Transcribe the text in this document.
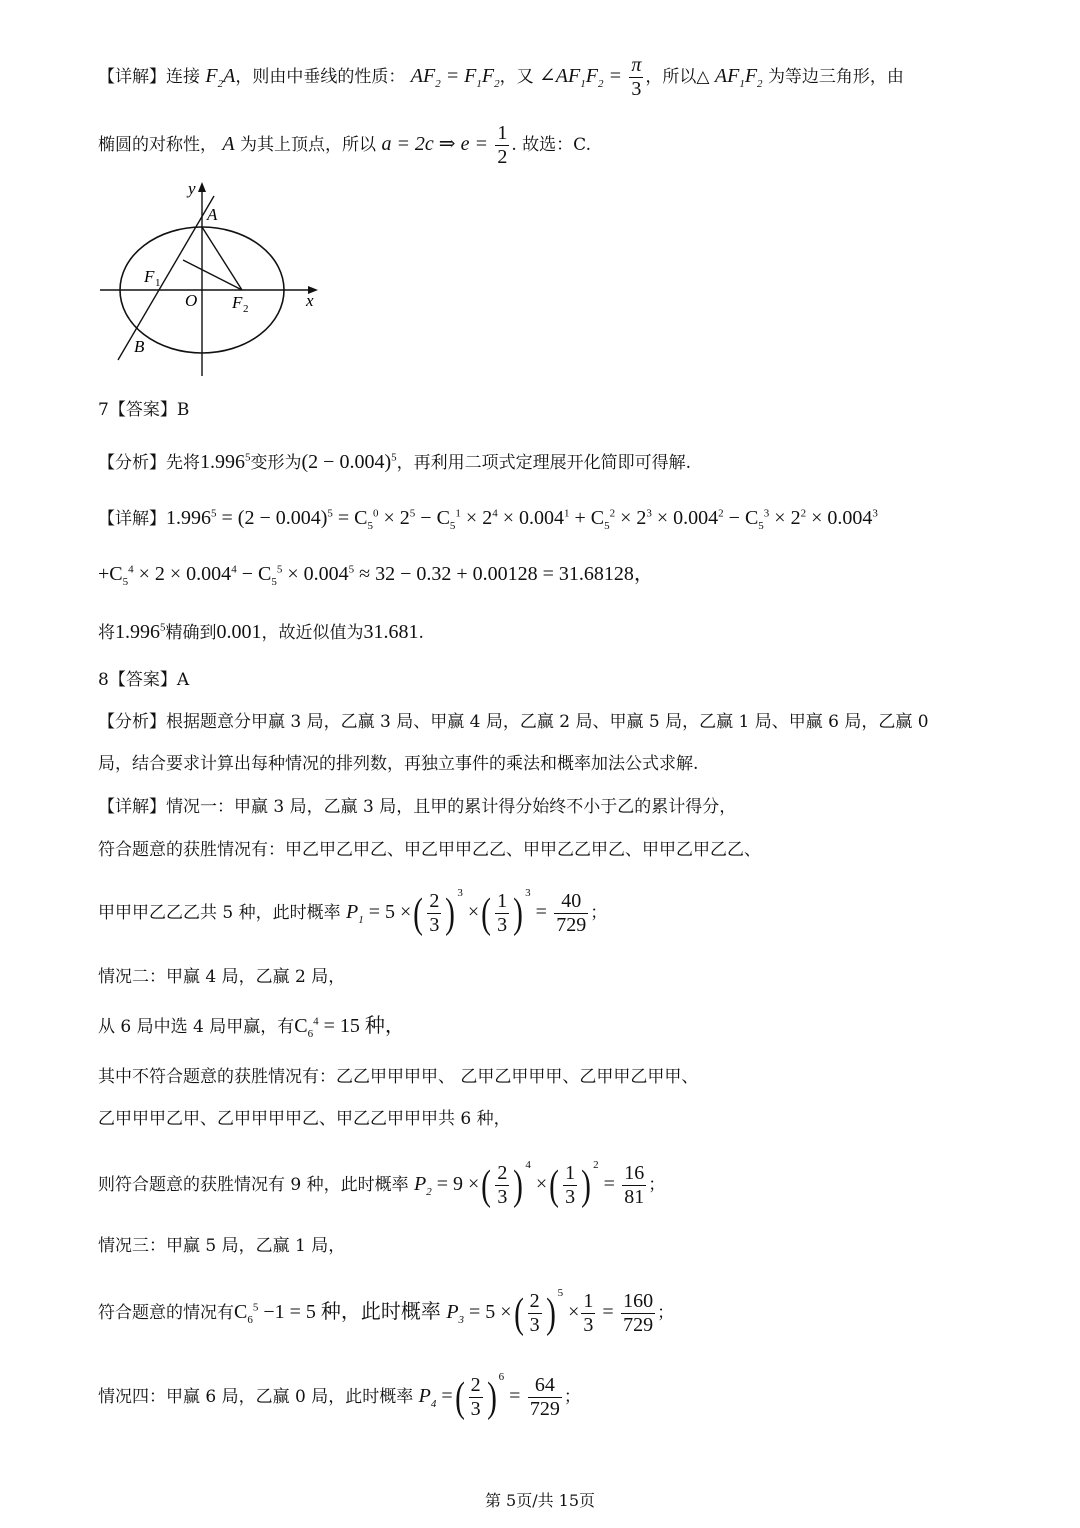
【详解】连接 $F_2A$，则由中垂线的性质： $AF_2 = F_1F_2$，又 $\angle AF_1F_2 = \frac{\pi}{3}$ ，所以△ $AF_1F_2$ 为等边三角形，由
椭圆的对称性， A 为其上顶点，所以 a = 2c ⇒ $e = \frac{1}{2}$ . 故选：C.
y
A
F 1
O F 2	x
B
7【答案】B
【分析】先将1.996$^5$变形为$(2 - 0.004)^5$，再利用二项式定理展开化简即可得解.
【详解】$1.996^5 = (2 - 0.004)^5 = C_5^0 \times 2^5 - C_5^1 \times 2^4 \times 0.004^1 + C_5^2 \times 2^3 \times 0.004^2 - C_5^3 \times 2^2 \times 0.004^3$
$+C_5^4 \times 2 \times 0.004^4 - C_5^5 \times 0.004^5 \approx 32 - 0.32 + 0.00128 = 31.68128$，
将1.996$^5$精确到0.001，故近似值为31.681.
8【答案】A
【分析】根据题意分甲赢 3 局，乙赢 3 局、甲赢 4 局，乙赢 2 局、甲赢 5 局，乙赢 1 局、甲赢 6 局，乙赢 0
局，结合要求计算出每种情况的排列数，再独立事件的乘法和概率加法公式求解.
【详解】情况一：甲赢 3 局，乙赢 3 局，且甲的累计得分始终不小于乙的累计得分，
符合题意的获胜情况有：甲乙甲乙甲乙、甲乙甲甲乙乙、甲甲乙乙甲乙、甲甲乙甲乙乙、
甲甲甲乙乙乙共 5 种，此时概率 $P_1 = 5$ ×( $\frac{2}{3}$ ) $^3$ ×( $\frac{1}{3}$ ) $^3 = \frac{40}{729}$ ；
情况二：甲赢 4 局，乙赢 2 局，
从 6 局中选 4 局甲赢，有$C_6^4 = 15$ 种，
其中不符合题意的获胜情况有：乙乙甲甲甲甲、 乙甲乙甲甲甲、乙甲甲乙甲甲、
乙甲甲甲乙甲、乙甲甲甲甲乙、甲乙乙甲甲甲共 6 种，
则符合题意的获胜情况有 9 种，此时概率 $P_2 = 9$ ×( $\frac{2}{3}$ ) $^4$ ×( $\frac{1}{3}$ ) $^2 = \frac{16}{81}$ ；
情况三：甲赢 5 局，乙赢 1 局，
符合题意的情况有$C_6^5 -1 = 5$ 种，此时概率 $P_3 = 5$ ×( $\frac{2}{3}$ ) $^5 \times \frac{1}{3} = \frac{160}{729}$ ；
情况四：甲赢 6 局，乙赢 0 局，此时概率 $P_4$ =( $\frac{2}{3}$ ) $^6 = \frac{64}{729}$ ；
第 5页/共 15页
